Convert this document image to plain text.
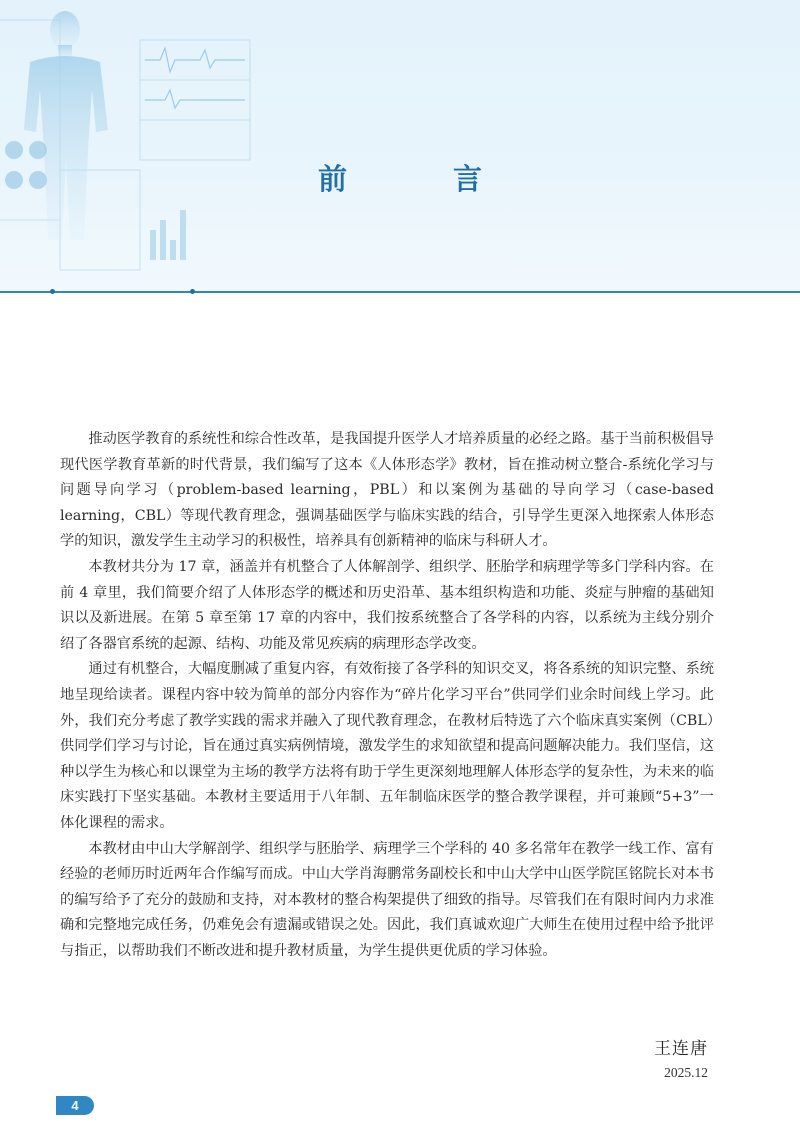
前 言

推动医学教育的系统性和综合性改革，是我国提升医学人才培养质量的必经之路。基于当前积极倡导现代医学教育革新的时代背景，我们编写了这本《人体形态学》教材，旨在推动树立整合-系统化学习与问题导向学习（problem-based learning，PBL）和以案例为基础的导向学习（case-based learning，CBL）等现代教育理念，强调基础医学与临床实践的结合，引导学生更深入地探索人体形态学的知识，激发学生主动学习的积极性，培养具有创新精神的临床与科研人才。

本教材共分为 17 章，涵盖并有机整合了人体解剖学、组织学、胚胎学和病理学等多门学科内容。在前 4 章里，我们简要介绍了人体形态学的概述和历史沿革、基本组织构造和功能、炎症与肿瘤的基础知识以及新进展。在第 5 章至第 17 章的内容中，我们按系统整合了各学科的内容，以系统为主线分别介绍了各器官系统的起源、结构、功能及常见疾病的病理形态学改变。

通过有机整合，大幅度删减了重复内容，有效衔接了各学科的知识交叉，将各系统的知识完整、系统地呈现给读者。课程内容中较为简单的部分内容作为“碎片化学习平台”供同学们业余时间线上学习。此外，我们充分考虑了教学实践的需求并融入了现代教育理念，在教材后特选了六个临床真实案例（CBL）供同学们学习与讨论，旨在通过真实病例情境，激发学生的求知欲望和提高问题解决能力。我们坚信，这种以学生为核心和以课堂为主场的教学方法将有助于学生更深刻地理解人体形态学的复杂性，为未来的临床实践打下坚实基础。本教材主要适用于八年制、五年制临床医学的整合教学课程，并可兼顾“5+3”一体化课程的需求。

本教材由中山大学解剖学、组织学与胚胎学、病理学三个学科的 40 多名常年在教学一线工作、富有经验的老师历时近两年合作编写而成。中山大学肖海鹏常务副校长和中山大学中山医学院匡铭院长对本书的编写给予了充分的鼓励和支持，对本教材的整合构架提供了细致的指导。尽管我们在有限时间内力求准确和完整地完成任务，仍难免会有遗漏或错误之处。因此，我们真诚欢迎广大师生在使用过程中给予批评与指正，以帮助我们不断改进和提升教材质量，为学生提供更优质的学习体验。

王连唐
2025.12
4
